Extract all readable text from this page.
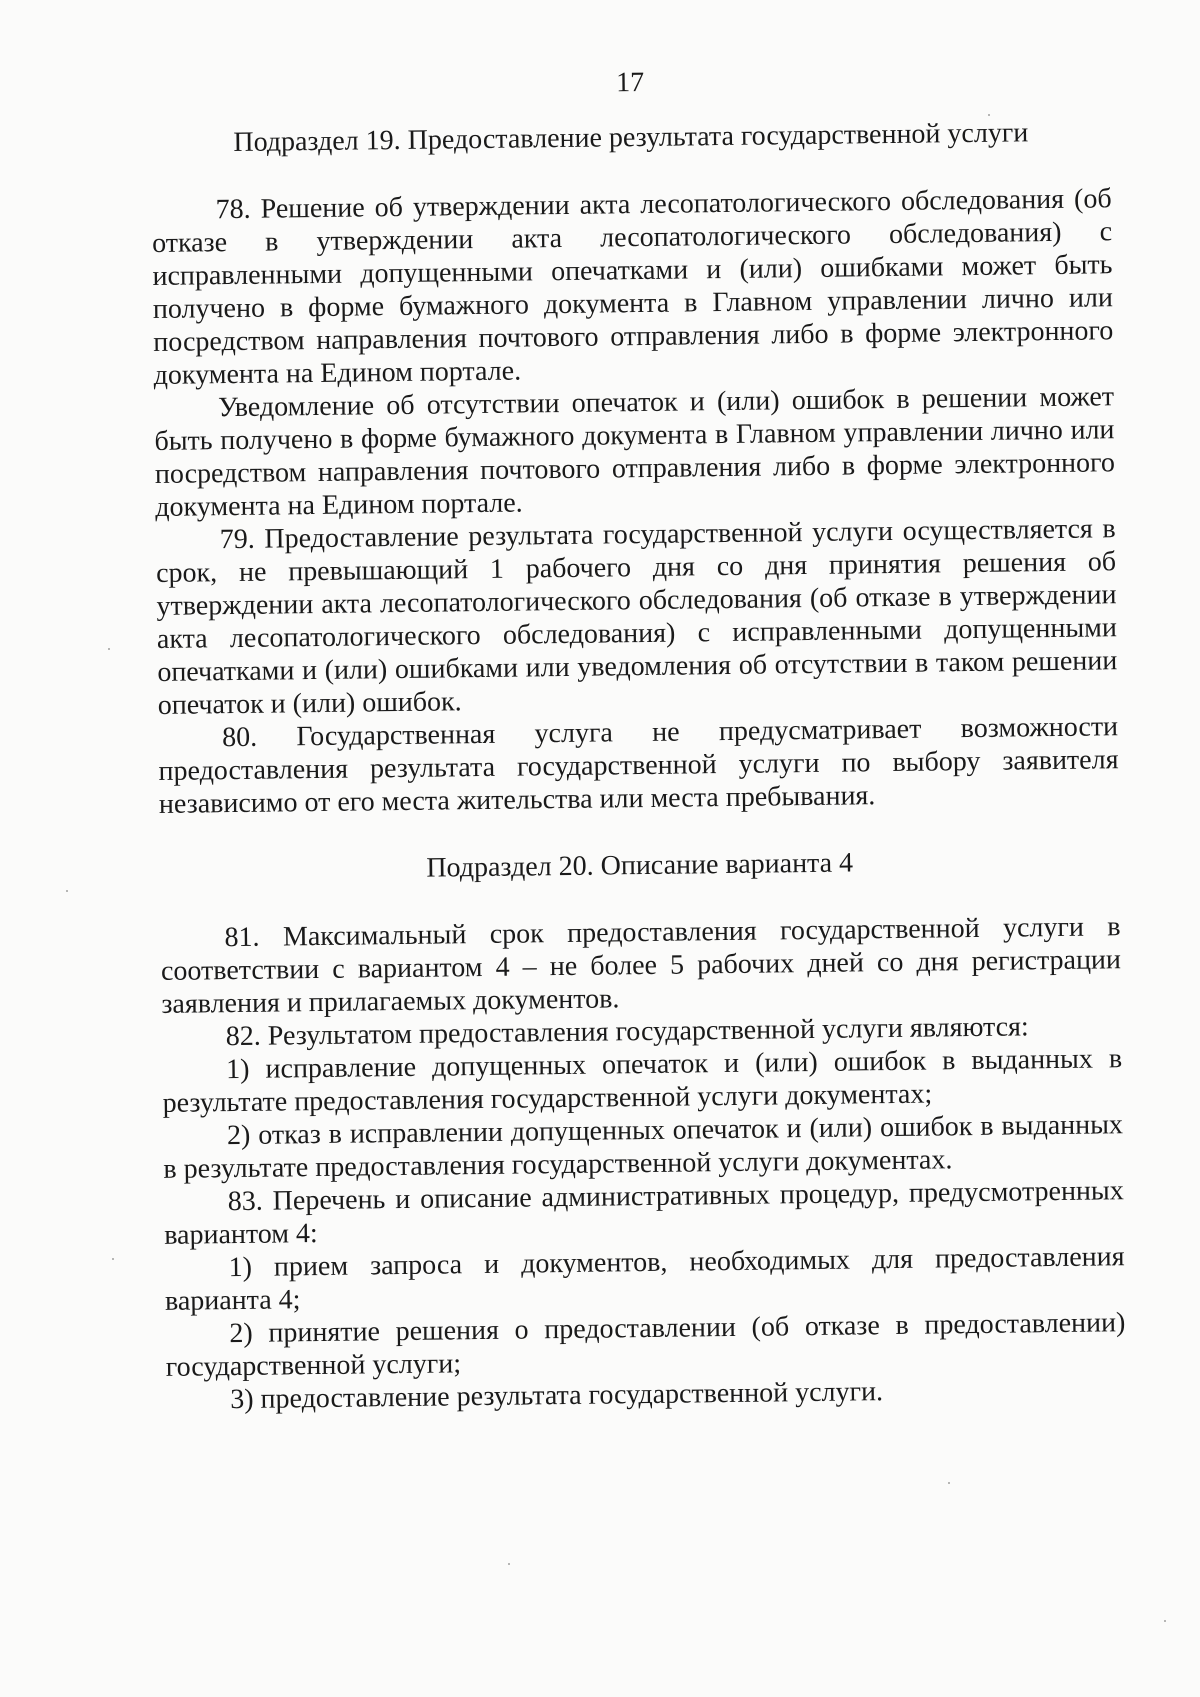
17
Подраздел 19. Предоставление результата государственной услуги

78. Решение об утверждении акта лесопатологического обследования (об отказе в утверждении акта лесопатологического обследования) с исправленными допущенными опечатками и (или) ошибками может быть получено в форме бумажного документа в Главном управлении лично или посредством направления почтового отправления либо в форме электронного документа на Едином портале.

Уведомление об отсутствии опечаток и (или) ошибок в решении может быть получено в форме бумажного документа в Главном управлении лично или посредством направления почтового отправления либо в форме электронного документа на Едином портале.

79. Предоставление результата государственной услуги осуществляется в срок, не превышающий 1 рабочего дня со дня принятия решения об утверждении акта лесопатологического обследования (об отказе в утверждении акта лесопатологического обследования) с исправленными допущенными опечатками и (или) ошибками или уведомления об отсутствии в таком решении опечаток и (или) ошибок.

80. Государственная услуга не предусматривает возможности предоставления результата государственной услуги по выбору заявителя независимо от его места жительства или места пребывания.

Подраздел 20. Описание варианта 4

81. Максимальный срок предоставления государственной услуги в соответствии с вариантом 4 – не более 5 рабочих дней со дня регистрации заявления и прилагаемых документов.

82. Результатом предоставления государственной услуги являются:

1) исправление допущенных опечаток и (или) ошибок в выданных в результате предоставления государственной услуги документах;

2) отказ в исправлении допущенных опечаток и (или) ошибок в выданных в результате предоставления государственной услуги документах.

83. Перечень и описание административных процедур, предусмотренных вариантом 4:

1) прием запроса и документов, необходимых для предоставления варианта 4;

2) принятие решения о предоставлении (об отказе в предоставлении) государственной услуги;

3) предоставление результата государственной услуги.
